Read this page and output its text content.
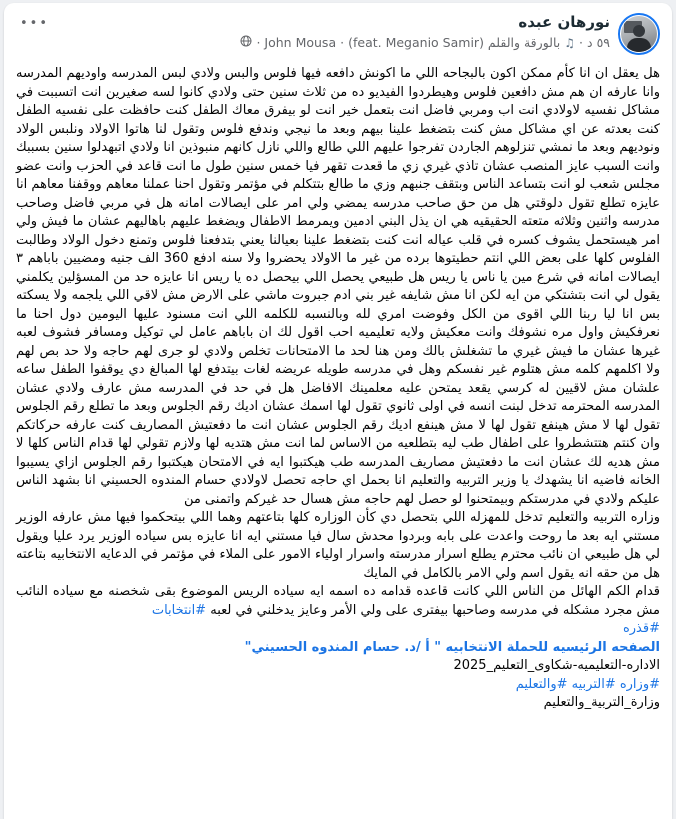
نورهان عبده
٥٩ د
·
♫
بالورقة والقلم (feat. Meganio Samir)
·
John Mousa
·
•••

هل يعقل ان انا كأم ممكن اكون بالبجاحه اللي ما اكونش دافعه فيها فلوس والبس ولادي لبس المدرسه واوديهم المدرسه وانا عارفه ان هم مش دافعين فلوس وهيطردوا الفيديو ده من ثلاث سنين حتى ولادي كانوا لسه صغيرين انت اتسببت في مشاكل نفسيه لاولادي انت اب ومربي فاضل انت بتعمل خير انت لو بيفرق معاك الطفل كنت حافظت على نفسيه الطفل كنت بعدته عن اي مشاكل مش كنت بتضغط علينا بيهم وبعد ما نيجي وندفع فلوس وتقول لنا هاتوا الاولاد ونلبس الولاد ونوديهم وبعد ما نمشي تنزلوهم الجاردن تفرجوا عليهم اللي طالع واللي نازل كانهم منبوذين انا ولادي اتبهدلوا سنين بسببك وانت السبب عايز المنصب عشان تاذي غيري زي ما قعدت تقهر فيا خمس سنين طول ما انت قاعد في الحزب وانت عضو مجلس شعب لو انت بتساعد الناس وبتقف جنبهم وزي ما طالع بتتكلم في مؤتمر وتقول احنا عملنا معاهم ووقفنا معاهم انا عايزه تطلع تقول دلوقتي هل من حق صاحب مدرسه يمضي ولي امر على ايصالات امانه هل في مربي فاضل وصاحب مدرسه واثنين وثلاثه متعته الحقيقيه هي ان يذل البني ادمين ويمرمط الاطفال ويضغط عليهم باهاليهم عشان ما فيش ولي امر هيستحمل يشوف كسره في قلب عياله انت كنت بتضغط علينا بعيالنا يعني بتدفعنا فلوس وتمنع دخول الولاد وطالبت الفلوس كلها على بعض اللي انتم حطيتوها برده من غير ما الاولاد يحضروا ولا سنه ادفع 360 الف جنيه ومضيين باباهم ٣ ايصالات امانه في شرع مين يا ناس يا ريس هل طبيعي يحصل اللي بيحصل ده يا ريس انا عايزه حد من المسؤلين يكلمني يقول لي انت بتشتكي من ايه لكن انا مش شايفه غير بني ادم جبروت ماشي على الارض مش لاقي اللي يلجمه ولا يسكته بس انا ليا ربنا اللي اقوى من الكل وفوضت امري لله وبالنسبه للكلمه اللي انت مسنود عليها اليومين دول احنا ما نعرفكيش واول مره نشوفك وانت معكيش ولايه تعليميه احب اقول لك ان باباهم عامل لي توكيل ومسافر فشوف لعبه غيرها عشان ما فيش غيري ما تشغلش بالك ومن هنا لحد ما الامتحانات تخلص ولادي لو جرى لهم حاجه ولا حد بص لهم ولا اكلمهم كلمه مش هتلوم غير نفسكم وهل في مدرسه طويله عريضه لغات بيتدفع لها المبالغ دي يوقفوا الطفل ساعه علشان مش لاقيين له كرسي يقعد يمتحن عليه معلمينك الافاضل هل في حد في المدرسه مش عارف ولادي عشان المدرسه المحترمه تدخل لبنت انسه في اولى ثانوي تقول لها اسمك عشان اديك رقم الجلوس وبعد ما تطلع رقم الجلوس تقول لها لا مش هينفع تقول لها لا مش هينفع اديك رقم الجلوس عشان انت ما دفعتيش المصاريف كنت عارفه حركاتكم وان كنتم هتتشطروا على اطفال طب ليه بتطلعيه من الاساس لما انت مش هتديه لها ولازم تقولي لها قدام الناس كلها لا مش هديه لك عشان انت ما دفعتيش مصاريف المدرسه طب هيكتبوا ايه في الامتحان هيكتبوا رقم الجلوس ازاي يسيبوا الخانه فاضيه انا يشهدك يا وزير التربيه والتعليم انا بحمل اي حاجه تحصل لاولادي حسام المندوه الحسيني انا بشهد الناس عليكم ولادي في مدرستكم وبيمتحنوا لو حصل لهم حاجه مش هسال حد غيركم واتمنى من

وزاره التربيه والتعليم تدخل للمهزله اللي بتحصل دي كأن الوزاره كلها بتاعتهم وهما اللي بيتحكموا فيها مش عارفه الوزير مستني ايه بعد ما روحت واعدت على بابه وبردوا محدش سال فيا مستني ايه انا عايزه بس سياده الوزير يرد عليا ويقول لي هل طبيعي ان نائب محترم يطلع اسرار مدرسته واسرار اولياء الامور على الملاء في مؤتمر في الدعايه الانتخابيه بتاعته هل من حقه انه يقول اسم ولي الامر بالكامل في المايك

قدام الكم الهائل من الناس اللي كانت قاعده قدامه ده اسمه ايه سياده الريس الموضوع بقى شخصنه مع سياده النائب مش مجرد مشكله في مدرسه وصاحبها بيفترى على ولي الأمر وعايز يدخلني في لعبه #انتخابات

#قذره

الصفحه الرئيسيه للحملة الانتخابيه " أ /د. حسام المندوه الحسيني"

الاداره-التعليميه-شكاوى_التعليم_2025

#وزاره #التربيه #والتعليم

وزارة_التربية_والتعليم
